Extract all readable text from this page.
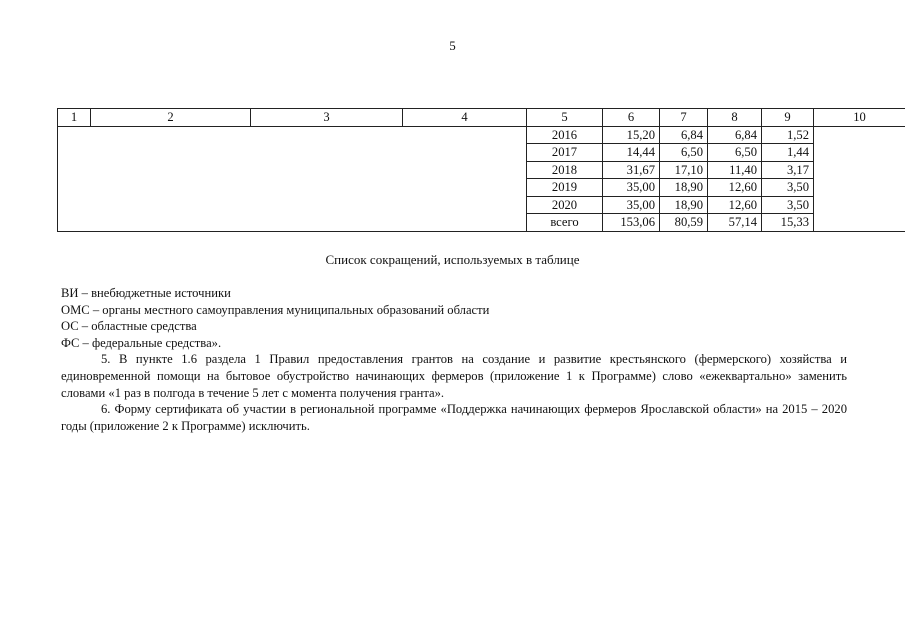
5
1	2	3	4	5	6	7	8	9	10
				2016	15,20	6,84	6,84	1,52	
				2017	14,44	6,50	6,50	1,44	
				2018	31,67	17,10	11,40	3,17	
				2019	35,00	18,90	12,60	3,50	
				2020	35,00	18,90	12,60	3,50	
				всего	153,06	80,59	57,14	15,33	
Список сокращений, используемых в таблице

ВИ – внебюджетные источники

ОМС – органы местного самоуправления муниципальных образований области

ОС – областные средства

ФС – федеральные средства».

5. В пункте 1.6 раздела 1 Правил предоставления грантов на создание и развитие крестьянского (фермерского) хозяйства и единовременной помощи на бытовое обустройство начинающих фермеров (приложение 1 к Программе) слово «ежеквартально» заменить словами «1 раз в полгода в течение 5 лет с момента получения гранта».

6. Форму сертификата об участии в региональной программе «Поддержка начинающих фермеров Ярославской области» на 2015 – 2020 годы (приложение 2 к Программе) исключить.
